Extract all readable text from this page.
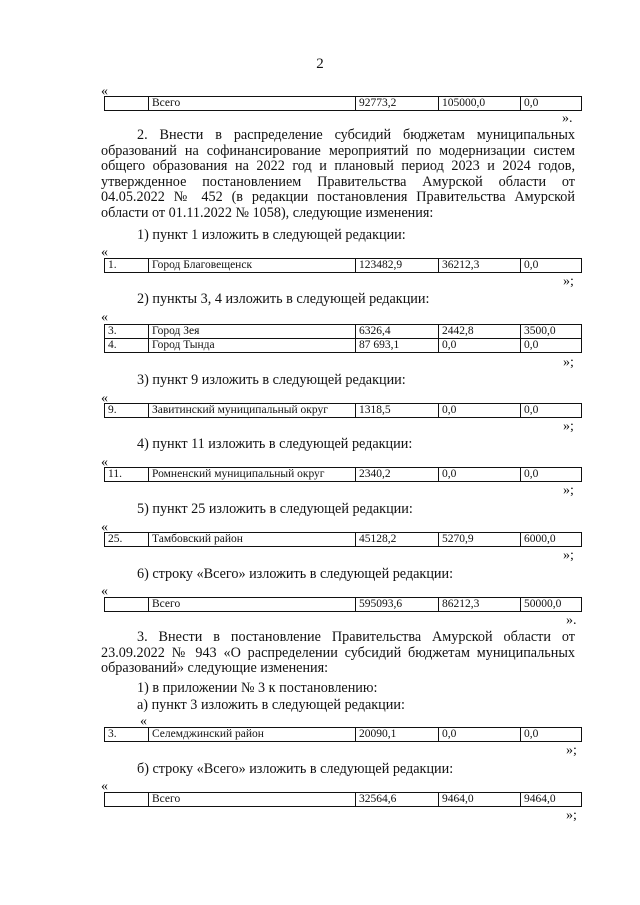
2
«
	Всего	92773,2	105000,0	0,0
».
2. Внести в распределение субсидий бюджетам муниципальных образований на софинансирование мероприятий по модернизации систем общего образования на 2022 год и плановый период 2023 и 2024 годов, утвержденное постановлением Правительства Амурской области от 04.05.2022 № 452 (в редакции постановления Правительства Амурской области от 01.11.2022 № 1058), следующие изменения:
1) пункт 1 изложить в следующей редакции:
«
1.	Город Благовещенск	123482,9	36212,3	0,0
»;
2) пункты 3, 4 изложить в следующей редакции:
«
3.	Город Зея	6326,4	2442,8	3500,0
4.	Город Тында	87 693,1	0,0	0,0
»;
3) пункт 9 изложить в следующей редакции:
«
9.	Завитинский муниципальный округ	1318,5	0,0	0,0
»;
4) пункт 11 изложить в следующей редакции:
«
11.	Ромненский муниципальный округ	2340,2	0,0	0,0
»;
5) пункт 25 изложить в следующей редакции:
«
25.	Тамбовский район	45128,2	5270,9	6000,0
»;
6) строку «Всего» изложить в следующей редакции:
«
	Всего	595093,6	86212,3	50000,0
».
3. Внести в постановление Правительства Амурской области от 23.09.2022 № 943 «О распределении субсидий бюджетам муниципальных образований» следующие изменения:
1) в приложении № 3 к постановлению:
а) пункт 3 изложить в следующей редакции:
«
3.	Селемджинский район	20090,1	0,0	0,0
»;
б) строку «Всего» изложить в следующей редакции:
«
	Всего	32564,6	9464,0	9464,0
»;
